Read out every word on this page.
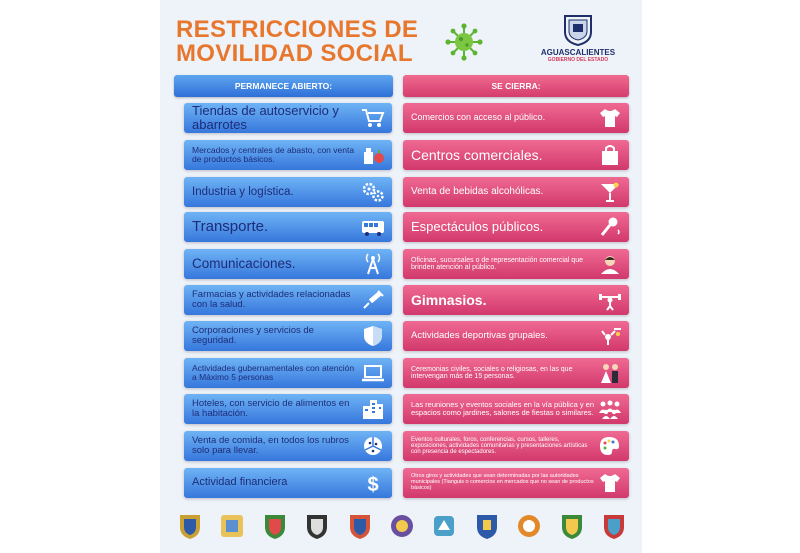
RESTRICCIONES DE
MOVILIDAD SOCIAL	AGUASCALIENTES
GOBIERNO DEL ESTADO
PERMANECE ABIERTO:	SE CIERRA:
Tiendas de autoservicio y abarrotes
Mercados y centrales de abasto, con venta de productos básicos.
Industria y logística.
Transporte.
Comunicaciones.
Farmacias y actividades relacionadas con la salud.
Corporaciones y servicios de seguridad.
Actividades gubernamentales con atención a Máximo 5 personas
Hoteles, con servicio de alimentos en la habitación.
Venta de comida, en todos los rubros solo para llevar.
Actividad financiera	$
Comercios con acceso al público.
Centros comerciales.
Venta de bebidas alcohólicas.
Espectáculos públicos.
Oficinas, sucursales o de representación comercial que brinden atención al público.
Gimnasios.
Actividades deportivas grupales.
Ceremonias civiles, sociales o religiosas, en las que intervengan más de 15 personas.
Las reuniones y eventos sociales en la vía pública y en espacios como jardines, salones de fiestas o similares.
Eventos culturales, foros, conferencias, cursos, talleres, exposiciones, actividades comunitarias y presentaciones artísticas con presencia de espectadores.
Otros giros y actividades que sean determinadas por las autoridades municipales (Tianguis o comercios en mercados que no sean de productos básicos)
